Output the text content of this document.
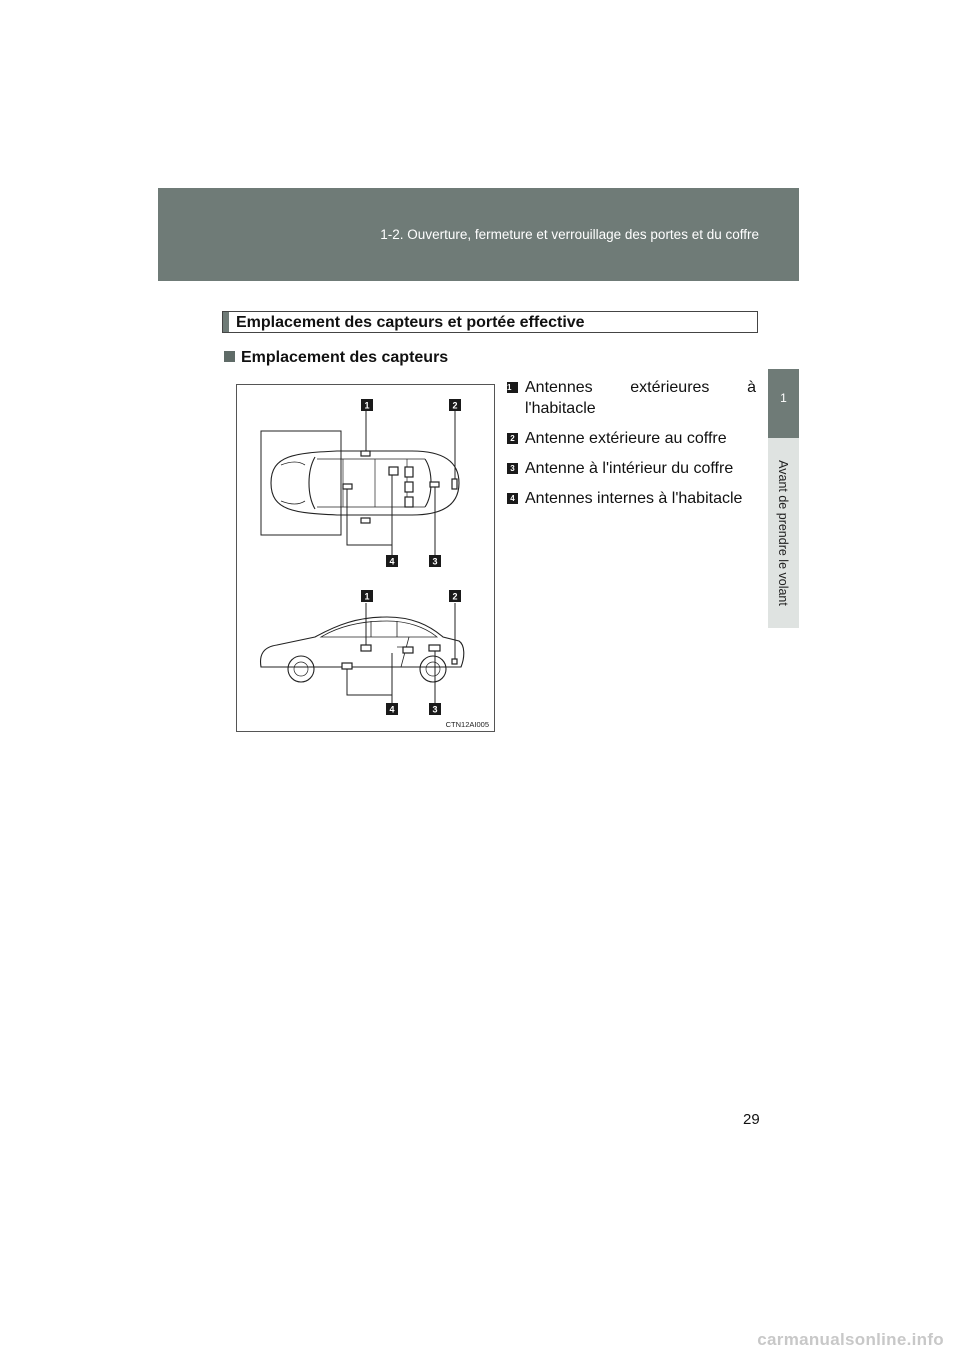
1-2. Ouverture, fermeture et verrouillage des portes et du coffre
1
Avant de prendre le volant
Emplacement des capteurs et portée effective
Emplacement des capteurs
1	2
4	3
1	2
4	3
CTN12AI005
1 Antennes extérieures à
l'habitacle
2 Antenne extérieure au coffre
3 Antenne à l'intérieur du coffre
4 Antennes internes à l'habitacle
29
carmanualsonline.info
